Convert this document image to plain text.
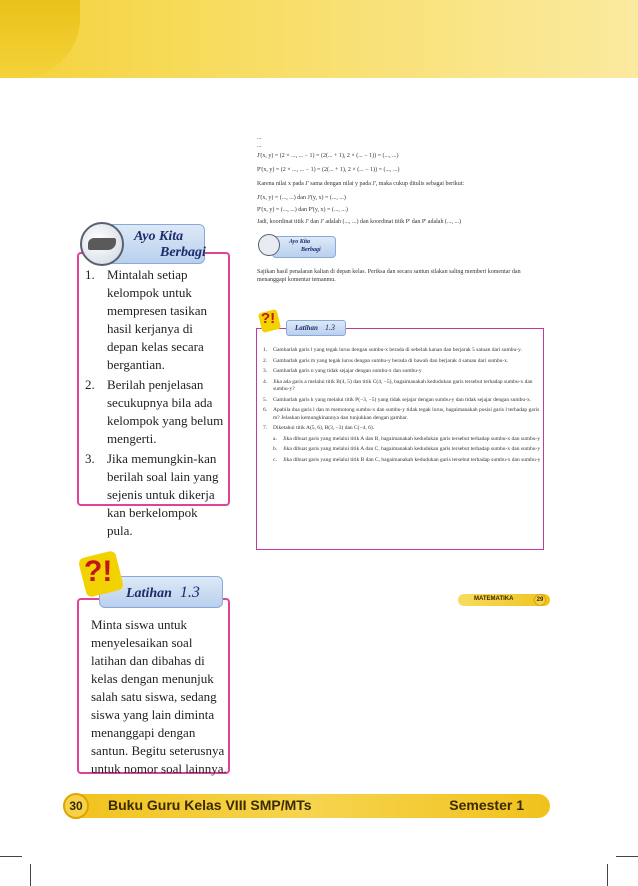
1. Mintalah setiap kelompok untuk mempresen tasikan hasil kerjanya di depan kelas secara bergantian.
2. Berilah penjelasan secukupnya bila ada kelompok yang belum mengerti.
3. Jika memungkin-kan berilah soal lain yang sejenis untuk dikerja kan berkelompok pula.
Ayo Kita
Berbagi
Minta siswa untuk menyelesaikan soal latihan dan dibahas di kelas dengan menunjuk salah satu siswa, sedang siswa yang lain diminta menanggapi dengan santun. Begitu seterusnya untuk nomor soal lainnya.
Latihan 1.3
?!
...
...
J'(x, y) = (2 × ..., ... − 1) = (2(... + 1), 2 × (... − 1)) = (..., ...)
P'(x, y) = (2 × ..., ... − 1) = (2(... + 1), 2 × (... − 1)) = (..., ...)
Karena nilai x pada J' sama dengan nilai y pada J', maka cukup ditulis sebagai berikut:
J'(x, y) = (..., ...) dan J'(y, x) = (..., ...)
P'(x, y) = (..., ...) dan P'(y, x) = (..., ...)
Jadi, koordinat titik J' dan J' adalah (..., ...) dan koordinat titik P' dan P' adalah (..., ...)
Ayo Kita
Berbagi
Sajikan hasil penalaran kalian di depan kelas. Periksa dan secara santun silakan saling memberi komentar dan menanggapi komentar temanmu.
1. Gambarlah garis l yang tegak lurus dengan sumbu-x berada di sebelah kanan dan berjarak 5 satuan dari sumbu-y.
2. Gambarlah garis m yang tegak lurus dengan sumbu-y berada di bawah dan berjarak 4 satuan dari sumbu-x.
3. Gambarlah garis n yang tidak sejajar dengan sumbu-x dan sumbu-y
4. Jika ada garis a melalui titik B(4, 5) dan titik C(4, −5), bagaimanakah kedudukan garis tersebut terhadap sumbu-x dan sumbu-y?
5. Gambarlah garis k yang melalui titik P(−3, −5) yang tidak sejajar dengan sumbu-y dan tidak sejajar dengan sumbu-x.
6. Apabila dua garis l dan m memotong sumbu-x dan sumbu-y tidak tegak lurus, bagaimanakah posisi garis l terhadap garis m? Jelaskan kemungkinannya dan tunjukkan dengan gambar.
7. Diketahui titik A(5, 6), B(3, −3) dan C(−4, 6).
a. Jika dibuat garis yang melalui titik A dan B, bagaimanakah kedudukan garis tersebut terhadap sumbu-x dan sumbu-y
b. Jika dibuat garis yang melalui titik A dan C, bagaimanakah kedudukan garis tersebut terhadap sumbu-x dan sumbu-y
c. Jika dibuat garis yang melalui titik B dan C, bagaimanakah kedudukan garis tersebut terhadap sumbu-x dan sumbu-y
Latihan 1.3
?!
MATEMATIKA	29
Buku Guru Kelas VIII SMP/MTs	Semester 1
30
